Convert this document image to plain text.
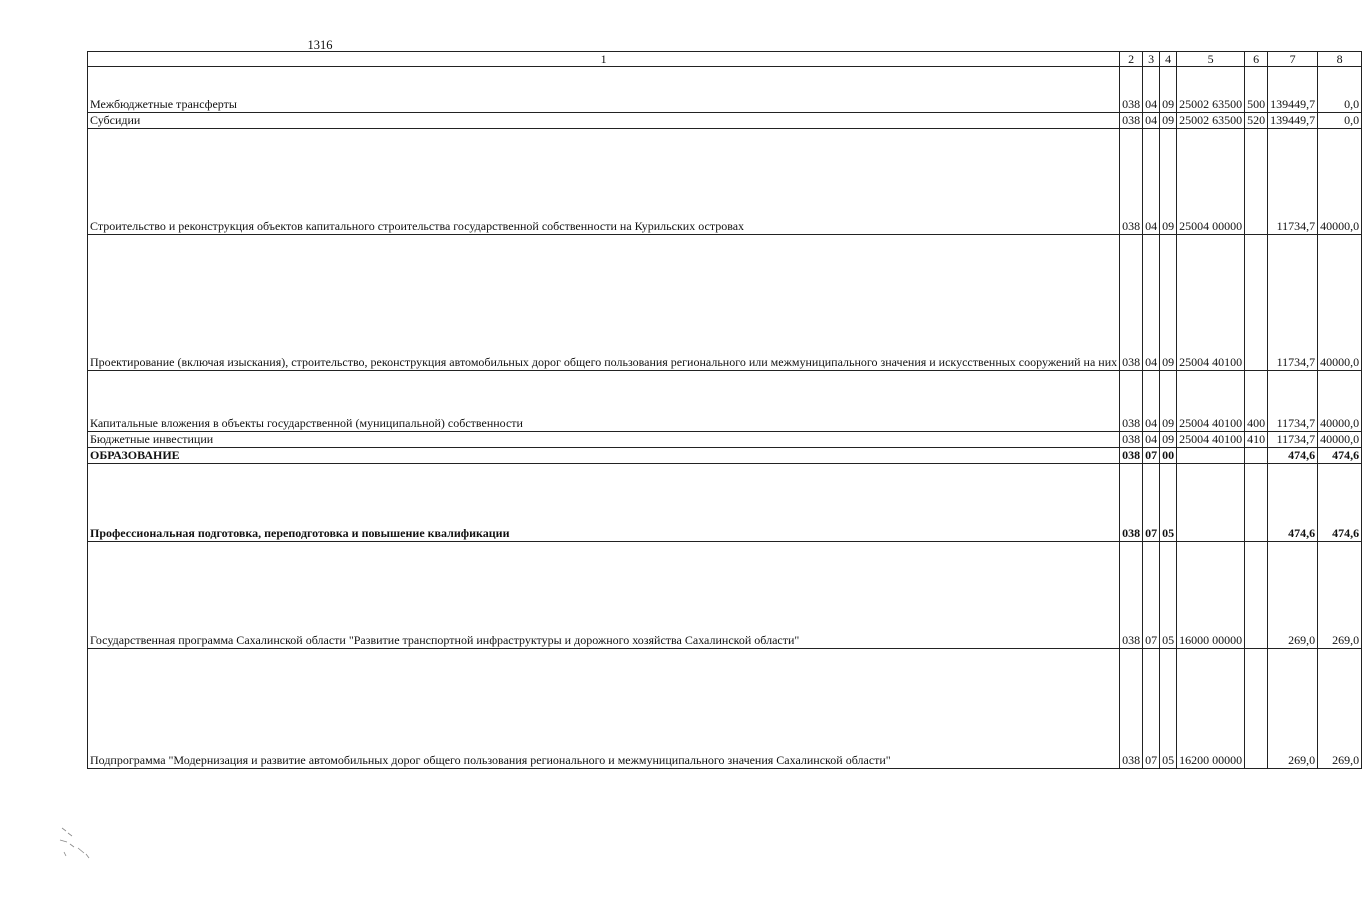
1316
1	2	3	4	5	6	7	8
Межбюджетные трансферты	038	04	09	25002 63500	500	139449,7	0,0
Субсидии	038	04	09	25002 63500	520	139449,7	0,0
Строительство и реконструкция объектов капитального строительства государственной собственности на Курильских островах	038	04	09	25004 00000		11734,7	40000,0
Проектирование (включая изыскания), строительство, реконструкция автомобильных дорог общего пользования регионального или межмуниципального значения и искусственных сооружений на них	038	04	09	25004 40100		11734,7	40000,0
Капитальные вложения в объекты государственной (муниципальной) собственности	038	04	09	25004 40100	400	11734,7	40000,0
Бюджетные инвестиции	038	04	09	25004 40100	410	11734,7	40000,0
ОБРАЗОВАНИЕ	038	07	00			474,6	474,6
Профессиональная подготовка, переподготовка и повышение квалификации	038	07	05			474,6	474,6
Государственная программа Сахалинской области "Развитие транспортной инфраструктуры и дорожного хозяйства Сахалинской области"	038	07	05	16000 00000		269,0	269,0
Подпрограмма "Модернизация и развитие автомобильных дорог общего пользования регионального и межмуниципального значения Сахалинской области"	038	07	05	16200 00000		269,0	269,0
